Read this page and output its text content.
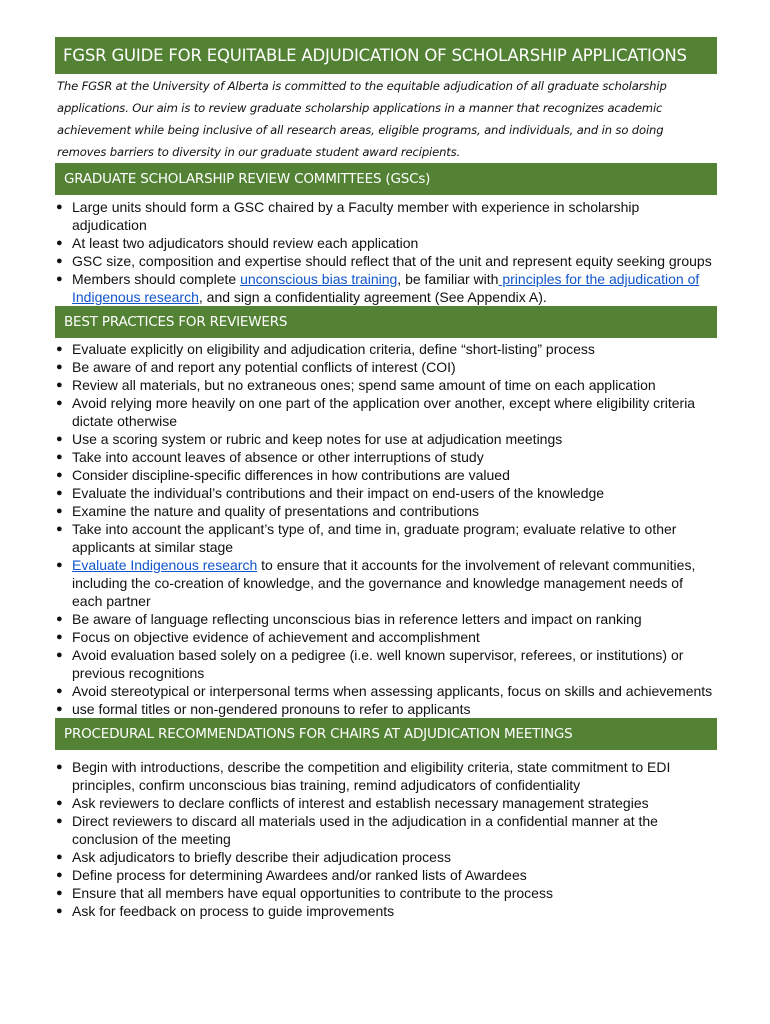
FGSR GUIDE FOR EQUITABLE ADJUDICATION OF SCHOLARSHIP APPLICATIONS

The FGSR at the University of Alberta is committed to the equitable adjudication of all graduate scholarship applications. Our aim is to review graduate scholarship applications in a manner that recognizes academic achievement while being inclusive of all research areas, eligible programs, and individuals, and in so doing removes barriers to diversity in our graduate student award recipients.

GRADUATE SCHOLARSHIP REVIEW COMMITTEES (GSCs)
● Large units should form a GSC chaired by a Faculty member with experience in scholarship adjudication
● At least two adjudicators should review each application
● GSC size, composition and expertise should reflect that of the unit and represent equity seeking groups
● Members should complete unconscious bias training, be familiar with principles for the adjudication of Indigenous research, and sign a confidentiality agreement (See Appendix A).
BEST PRACTICES FOR REVIEWERS
● Evaluate explicitly on eligibility and adjudication criteria, define “short-listing” process
● Be aware of and report any potential conflicts of interest (COI)
● Review all materials, but no extraneous ones; spend same amount of time on each application
● Avoid relying more heavily on one part of the application over another, except where eligibility criteria dictate otherwise
● Use a scoring system or rubric and keep notes for use at adjudication meetings
● Take into account leaves of absence or other interruptions of study
● Consider discipline-specific differences in how contributions are valued
● Evaluate the individual’s contributions and their impact on end-users of the knowledge
● Examine the nature and quality of presentations and contributions
● Take into account the applicant’s type of, and time in, graduate program; evaluate relative to other applicants at similar stage
● Evaluate Indigenous research to ensure that it accounts for the involvement of relevant communities, including the co-creation of knowledge, and the governance and knowledge management needs of each partner
● Be aware of language reflecting unconscious bias in reference letters and impact on ranking
● Focus on objective evidence of achievement and accomplishment
● Avoid evaluation based solely on a pedigree (i.e. well known supervisor, referees, or institutions) or previous recognitions
● Avoid stereotypical or interpersonal terms when assessing applicants, focus on skills and achievements
● use formal titles or non-gendered pronouns to refer to applicants
PROCEDURAL RECOMMENDATIONS FOR CHAIRS AT ADJUDICATION MEETINGS
● Begin with introductions, describe the competition and eligibility criteria, state commitment to EDI principles, confirm unconscious bias training, remind adjudicators of confidentiality
● Ask reviewers to declare conflicts of interest and establish necessary management strategies
● Direct reviewers to discard all materials used in the adjudication in a confidential manner at the conclusion of the meeting
● Ask adjudicators to briefly describe their adjudication process
● Define process for determining Awardees and/or ranked lists of Awardees
● Ensure that all members have equal opportunities to contribute to the process
● Ask for feedback on process to guide improvements
